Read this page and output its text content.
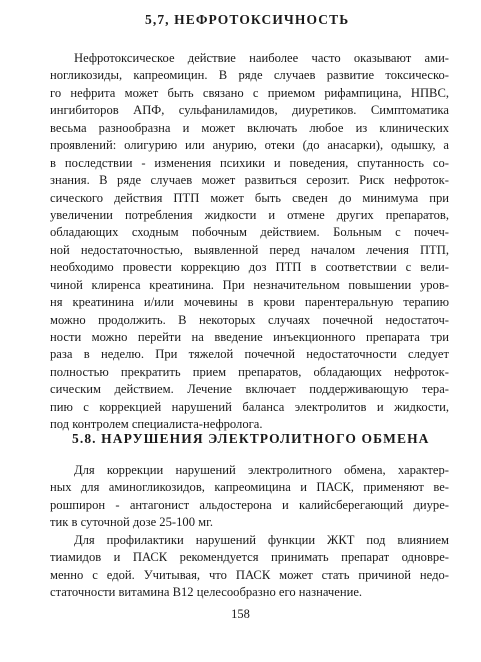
5,7, НЕФРОТОКСИЧНОСТЬ
Нефротоксическое действие наиболее часто оказывают ами-
ногликозиды, капреомицин. В ряде случаев развитие токсическо-
го нефрита может быть связано с приемом рифампицина, НПВС,
ингибиторов АПФ, сульфаниламидов, диуретиков. Симптоматика
весьма разнообразна и может включать любое из клинических
проявлений: олигурию или анурию, отеки (до анасарки), одышку, а
в последствии - изменения психики и поведения, спутанность со-
знания. В ряде случаев может развиться серозит. Риск нефроток-
сического действия ПТП может быть сведен до минимума при
увеличении потребления жидкости и отмене других препаратов,
обладающих сходным побочным действием. Больным с почеч-
ной недостаточностью, выявленной перед началом лечения ПТП,
необходимо провести коррекцию доз ПТП в соответствии с вели-
чиной клиренса креатинина. При незначительном повышении уров-
ня креатинина и/или мочевины в крови парентеральную терапию
можно продолжить. В некоторых случаях почечной недостаточ-
ности можно перейти на введение инъекционного препарата три
раза в неделю. При тяжелой почечной недостаточности следует
полностью прекратить прием препаратов, обладающих нефроток-
сическим действием. Лечение включает поддерживающую тера-
пию с коррекцией нарушений баланса электролитов и жидкости,
под контролем специалиста-нефролога.
5.8. НАРУШЕНИЯ ЭЛЕКТРОЛИТНОГО ОБМЕНА
Для коррекции нарушений электролитного обмена, характер-
ных для аминогликозидов, капреомицина и ПАСК, применяют ве-
рошпирон - антагонист альдостерона и калийсберегающий диуре-
тик в суточной дозе 25-100 мг.
Для профилактики нарушений функции ЖКТ под влиянием
тиамидов и ПАСК рекомендуется принимать препарат одновре-
менно с едой. Учитывая, что ПАСК может стать причиной недо-
статочности витамина В12 целесообразно его назначение.

158
